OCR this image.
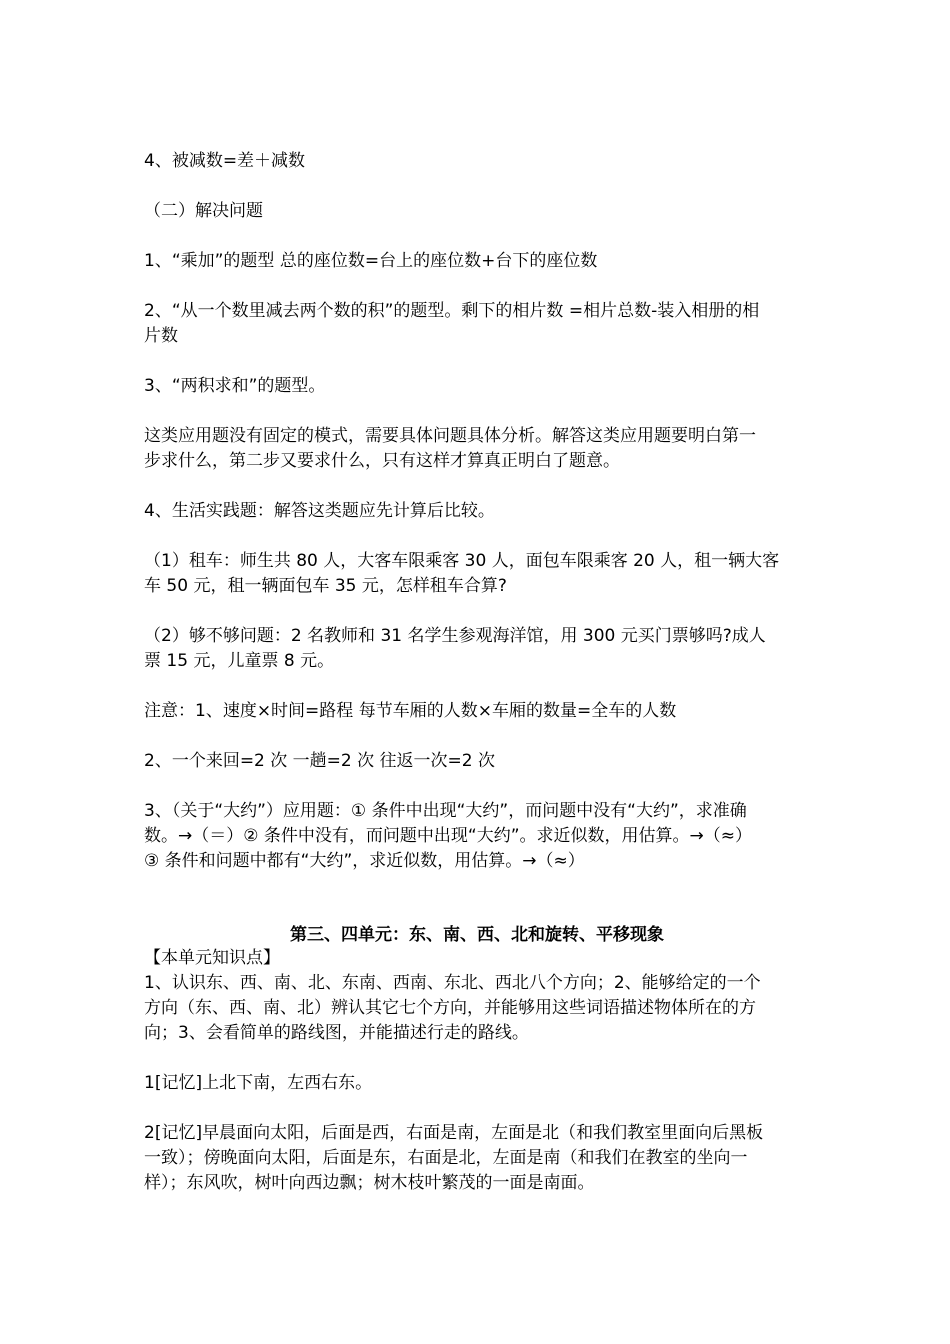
4、被减数=差＋减数

（二）解决问题

1、“乘加”的题型 总的座位数=台上的座位数+台下的座位数

2、“从一个数里减去两个数的积”的题型。剩下的相片数 =相片总数-装入相册的相
片数

3、“两积求和”的题型。

这类应用题没有固定的模式，需要具体问题具体分析。解答这类应用题要明白第一
步求什么，第二步又要求什么，只有这样才算真正明白了题意。

4、生活实践题：解答这类题应先计算后比较。

（1）租车：师生共 80 人，大客车限乘客 30 人，面包车限乘客 20 人，租一辆大客
车 50 元，租一辆面包车 35 元，怎样租车合算?

（2）够不够问题：2 名教师和 31 名学生参观海洋馆，用 300 元买门票够吗?成人
票 15 元，儿童票 8 元。

注意：1、速度×时间=路程 每节车厢的人数×车厢的数量=全车的人数

2、一个来回=2 次 一趟=2 次 往返一次=2 次

3、（关于“大约”）应用题：① 条件中出现“大约”，而问题中没有“大约”，求准确
数。→（＝）② 条件中没有，而问题中出现“大约”。求近似数，用估算。→（≈）
③ 条件和问题中都有“大约”，求近似数，用估算。→（≈）

第三、四单元：东、南、西、北和旋转、平移现象

【本单元知识点】

1、认识东、西、南、北、东南、西南、东北、西北八个方向；2、能够给定的一个
方向（东、西、南、北）辨认其它七个方向，并能够用这些词语描述物体所在的方
向；3、会看简单的路线图，并能描述行走的路线。

1[记忆]上北下南，左西右东。

2[记忆]早晨面向太阳，后面是西，右面是南，左面是北（和我们教室里面向后黑板
一致）；傍晚面向太阳，后面是东，右面是北，左面是南（和我们在教室的坐向一
样）；东风吹，树叶向西边飘；树木枝叶繁茂的一面是南面。
